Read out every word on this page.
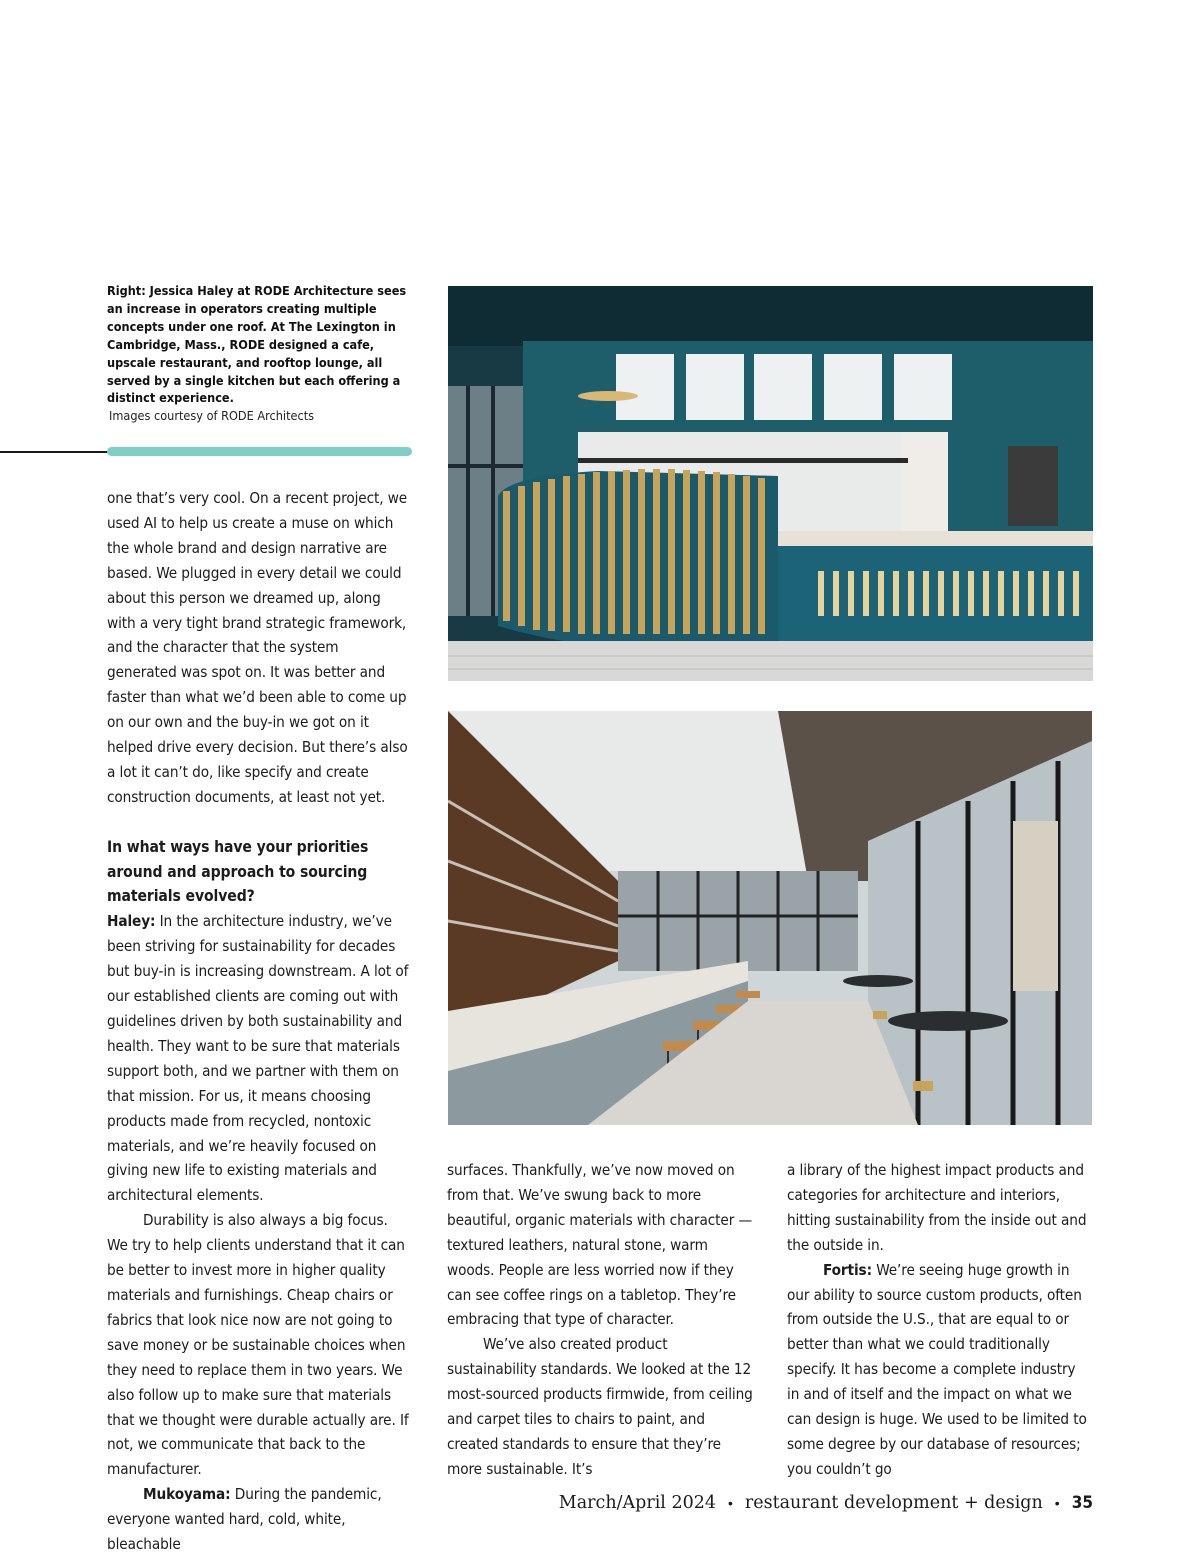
Right: Jessica Haley at RODE Architecture sees an increase in operators creating multiple concepts under one roof. At The Lexington in Cambridge, Mass., RODE designed a cafe, upscale restaurant, and rooftop lounge, all served by a single kitchen but each offering a distinct experience.
Images courtesy of RODE Architects

one that’s very cool. On a recent project, we used AI to help us create a muse on which the whole brand and design narrative are based. We plugged in every detail we could about this person we dreamed up, along with a very tight brand strategic framework, and the character that the system generated was spot on. It was better and faster than what we’d been able to come up on our own and the buy-in we got on it helped drive every decision. But there’s also a lot it can’t do, like specify and create construction documents, at least not yet.

In what ways have your priorities around and approach to sourcing materials evolved?

Haley: In the architecture industry, we’ve been striving for sustainability for decades but buy-in is increasing downstream. A lot of our established clients are coming out with guidelines driven by both sustainability and health. They want to be sure that materials support both, and we partner with them on that mission. For us, it means choosing products made from recycled, nontoxic materials, and we’re heavily focused on giving new life to existing materials and architectural elements.

Durability is also always a big focus. We try to help clients understand that it can be better to invest more in higher quality materials and furnishings. Cheap chairs or fabrics that look nice now are not going to save money or be sustainable choices when they need to replace them in two years. We also follow up to make sure that materials that we thought were durable actually are. If not, we communicate that back to the manufacturer.

Mukoyama: During the pandemic, everyone wanted hard, cold, white, bleachable

surfaces. Thankfully, we’ve now moved on from that. We’ve swung back to more beautiful, organic materials with character — textured leathers, natural stone, warm woods. People are less worried now if they can see coffee rings on a tabletop. They’re embracing that type of character.

We’ve also created product sustainability standards. We looked at the 12 most-sourced products firmwide, from ceiling and carpet tiles to chairs to paint, and created standards to ensure that they’re more sustainable. It’s

a library of the highest impact products and categories for architecture and interiors, hitting sustainability from the inside out and the outside in.

Fortis: We’re seeing huge growth in our ability to source custom products, often from outside the U.S., that are equal to or better than what we could traditionally specify. It has become a complete industry in and of itself and the impact on what we can design is huge. We used to be limited to some degree by our database of resources; you couldn’t go

March/April 2024 • restaurant development + design • 35
